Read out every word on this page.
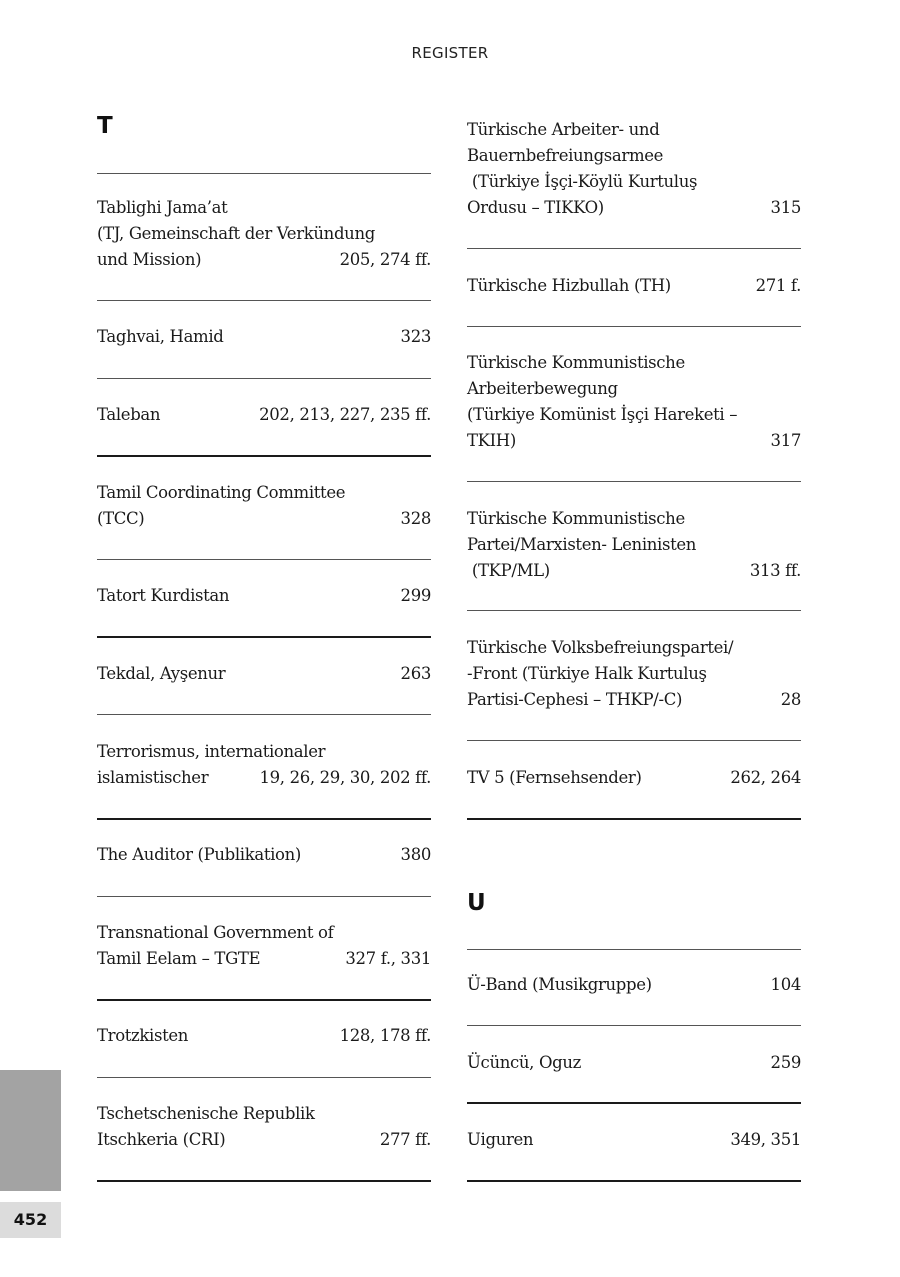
REGISTER
T
Tablighi Jama’at
(TJ, Gemeinschaft der Verkündung
und Mission)	205, 274 ff.
Taghvai, Hamid	323
Taleban	202, 213, 227, 235 ff.
Tamil Coordinating Committee
(TCC)	328
Tatort Kurdistan	299
Tekdal, Ayşenur	263
Terrorismus, internationaler
islamistischer	19, 26, 29, 30, 202 ff.
The Auditor (Publikation)	380
Transnational Government of
Tamil Eelam – TGTE	327 f., 331
Trotzkisten	128, 178 ff.
Tschetschenische Republik
Itschkeria (CRI)	277 ff.
Türkische Arbeiter- und
Bauernbefreiungsarmee
(Türkiye İşçi-Köylü Kurtuluş
Ordusu – TIKKO)	315
Türkische Hizbullah (TH)	271 f.
Türkische Kommunistische
Arbeiterbewegung
(Türkiye Komünist İşçi Hareketi –
TKIH)	317
Türkische Kommunistische
Partei/Marxisten- Leninisten
(TKP/ML)	313 ff.
Türkische Volksbefreiungspartei/
-Front (Türkiye Halk Kurtuluş
Partisi-Cephesi – THKP/-C)	28
TV 5 (Fernsehsender)	262, 264
U
Ü-Band (Musikgruppe)	104
Ücüncü, Oguz	259
Uiguren	349, 351
452
